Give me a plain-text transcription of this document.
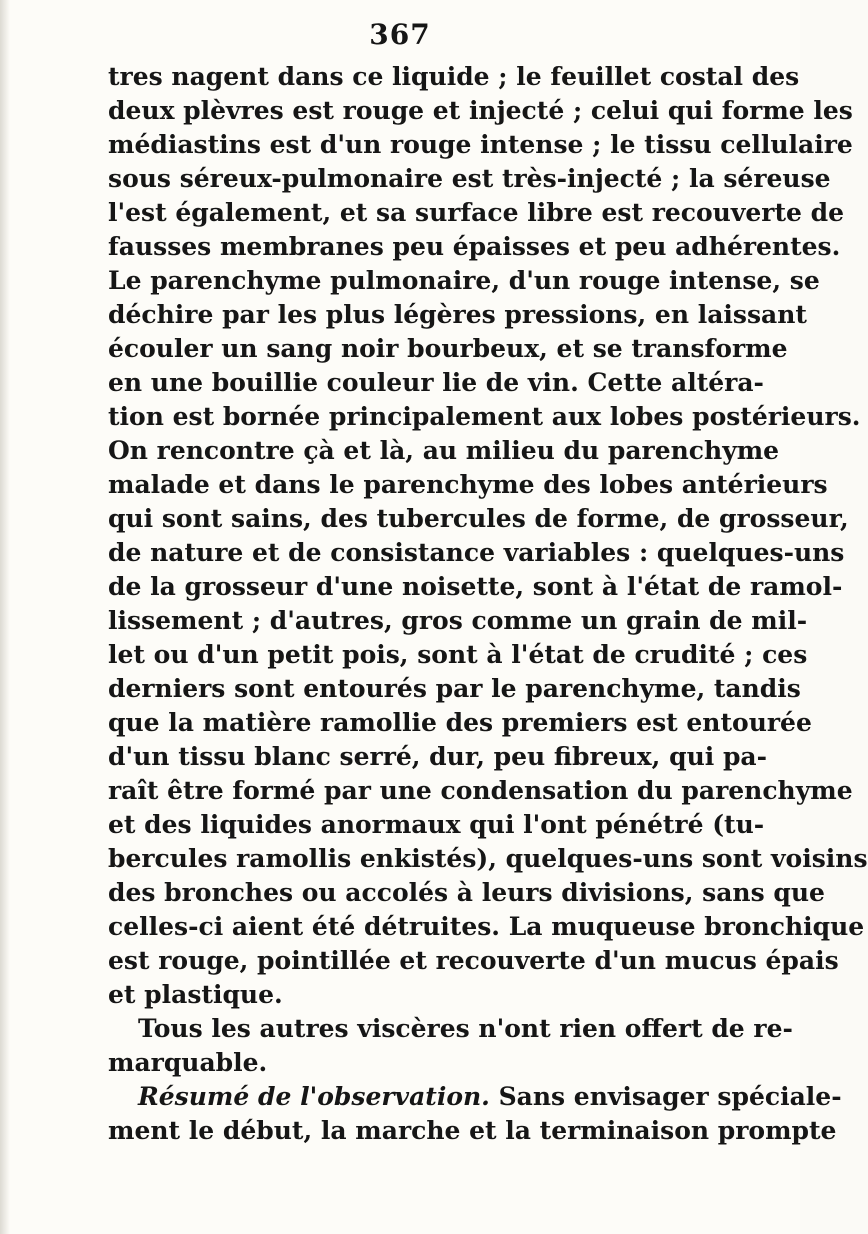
367
tres nagent dans ce liquide ; le feuillet costal des
deux plèvres est rouge et injecté ; celui qui forme les
médiastins est d'un rouge intense ; le tissu cellulaire
sous séreux-pulmonaire est très-injecté ; la séreuse
l'est également, et sa surface libre est recouverte de
fausses membranes peu épaisses et peu adhérentes.
Le parenchyme pulmonaire, d'un rouge intense, se
déchire par les plus légères pressions, en laissant
écouler un sang noir bourbeux, et se transforme
en une bouillie couleur lie de vin. Cette altéra-
tion est bornée principalement aux lobes postérieurs.
On rencontre çà et là, au milieu du parenchyme
malade et dans le parenchyme des lobes antérieurs
qui sont sains, des tubercules de forme, de grosseur,
de nature et de consistance variables : quelques-uns
de la grosseur d'une noisette, sont à l'état de ramol-
lissement ; d'autres, gros comme un grain de mil-
let ou d'un petit pois, sont à l'état de crudité ; ces
derniers sont entourés par le parenchyme, tandis
que la matière ramollie des premiers est entourée
d'un tissu blanc serré, dur, peu fibreux, qui pa-
raît être formé par une condensation du parenchyme
et des liquides anormaux qui l'ont pénétré (tu-
bercules ramollis enkistés), quelques-uns sont voisins
des bronches ou accolés à leurs divisions, sans que
celles-ci aient été détruites. La muqueuse bronchique
est rouge, pointillée et recouverte d'un mucus épais
et plastique.
Tous les autres viscères n'ont rien offert de re-
marquable.
Résumé de l'observation. Sans envisager spéciale-
ment le début, la marche et la terminaison prompte
